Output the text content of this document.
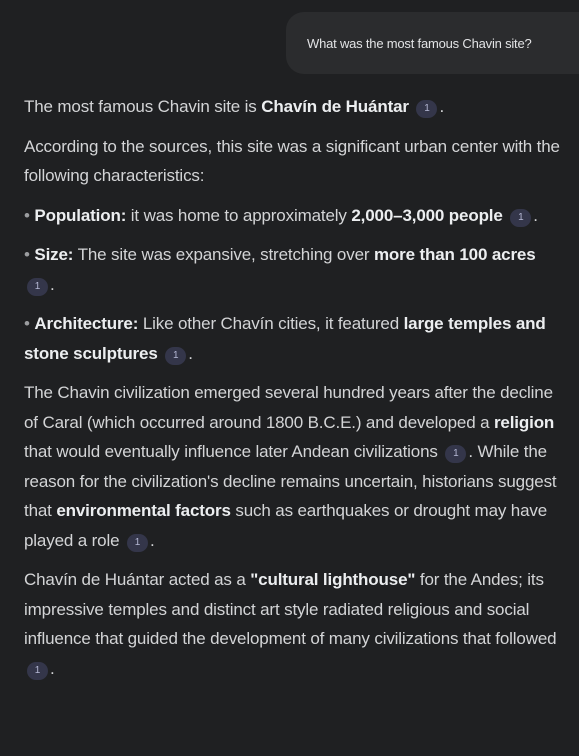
What was the most famous Chavin site?

The most famous Chavin site is Chavín de Huántar 1 .

According to the sources, this site was a significant urban center with the following characteristics:

• Population: it was home to approximately 2,000–3,000 people 1 .

• Size: The site was expansive, stretching over more than 100 acres 1 .

• Architecture: Like other Chavín cities, it featured large temples and stone sculptures 1 .

The Chavin civilization emerged several hundred years after the decline of Caral (which occurred around 1800 B.C.E.) and developed a religion that would eventually influence later Andean civilizations 1 . While the reason for the civilization's decline remains uncertain, historians suggest that environmental factors such as earthquakes or drought may have played a role 1 .

Chavín de Huántar acted as a "cultural lighthouse" for the Andes; its impressive temples and distinct art style radiated religious and social influence that guided the development of many civilizations that followed 1 .
